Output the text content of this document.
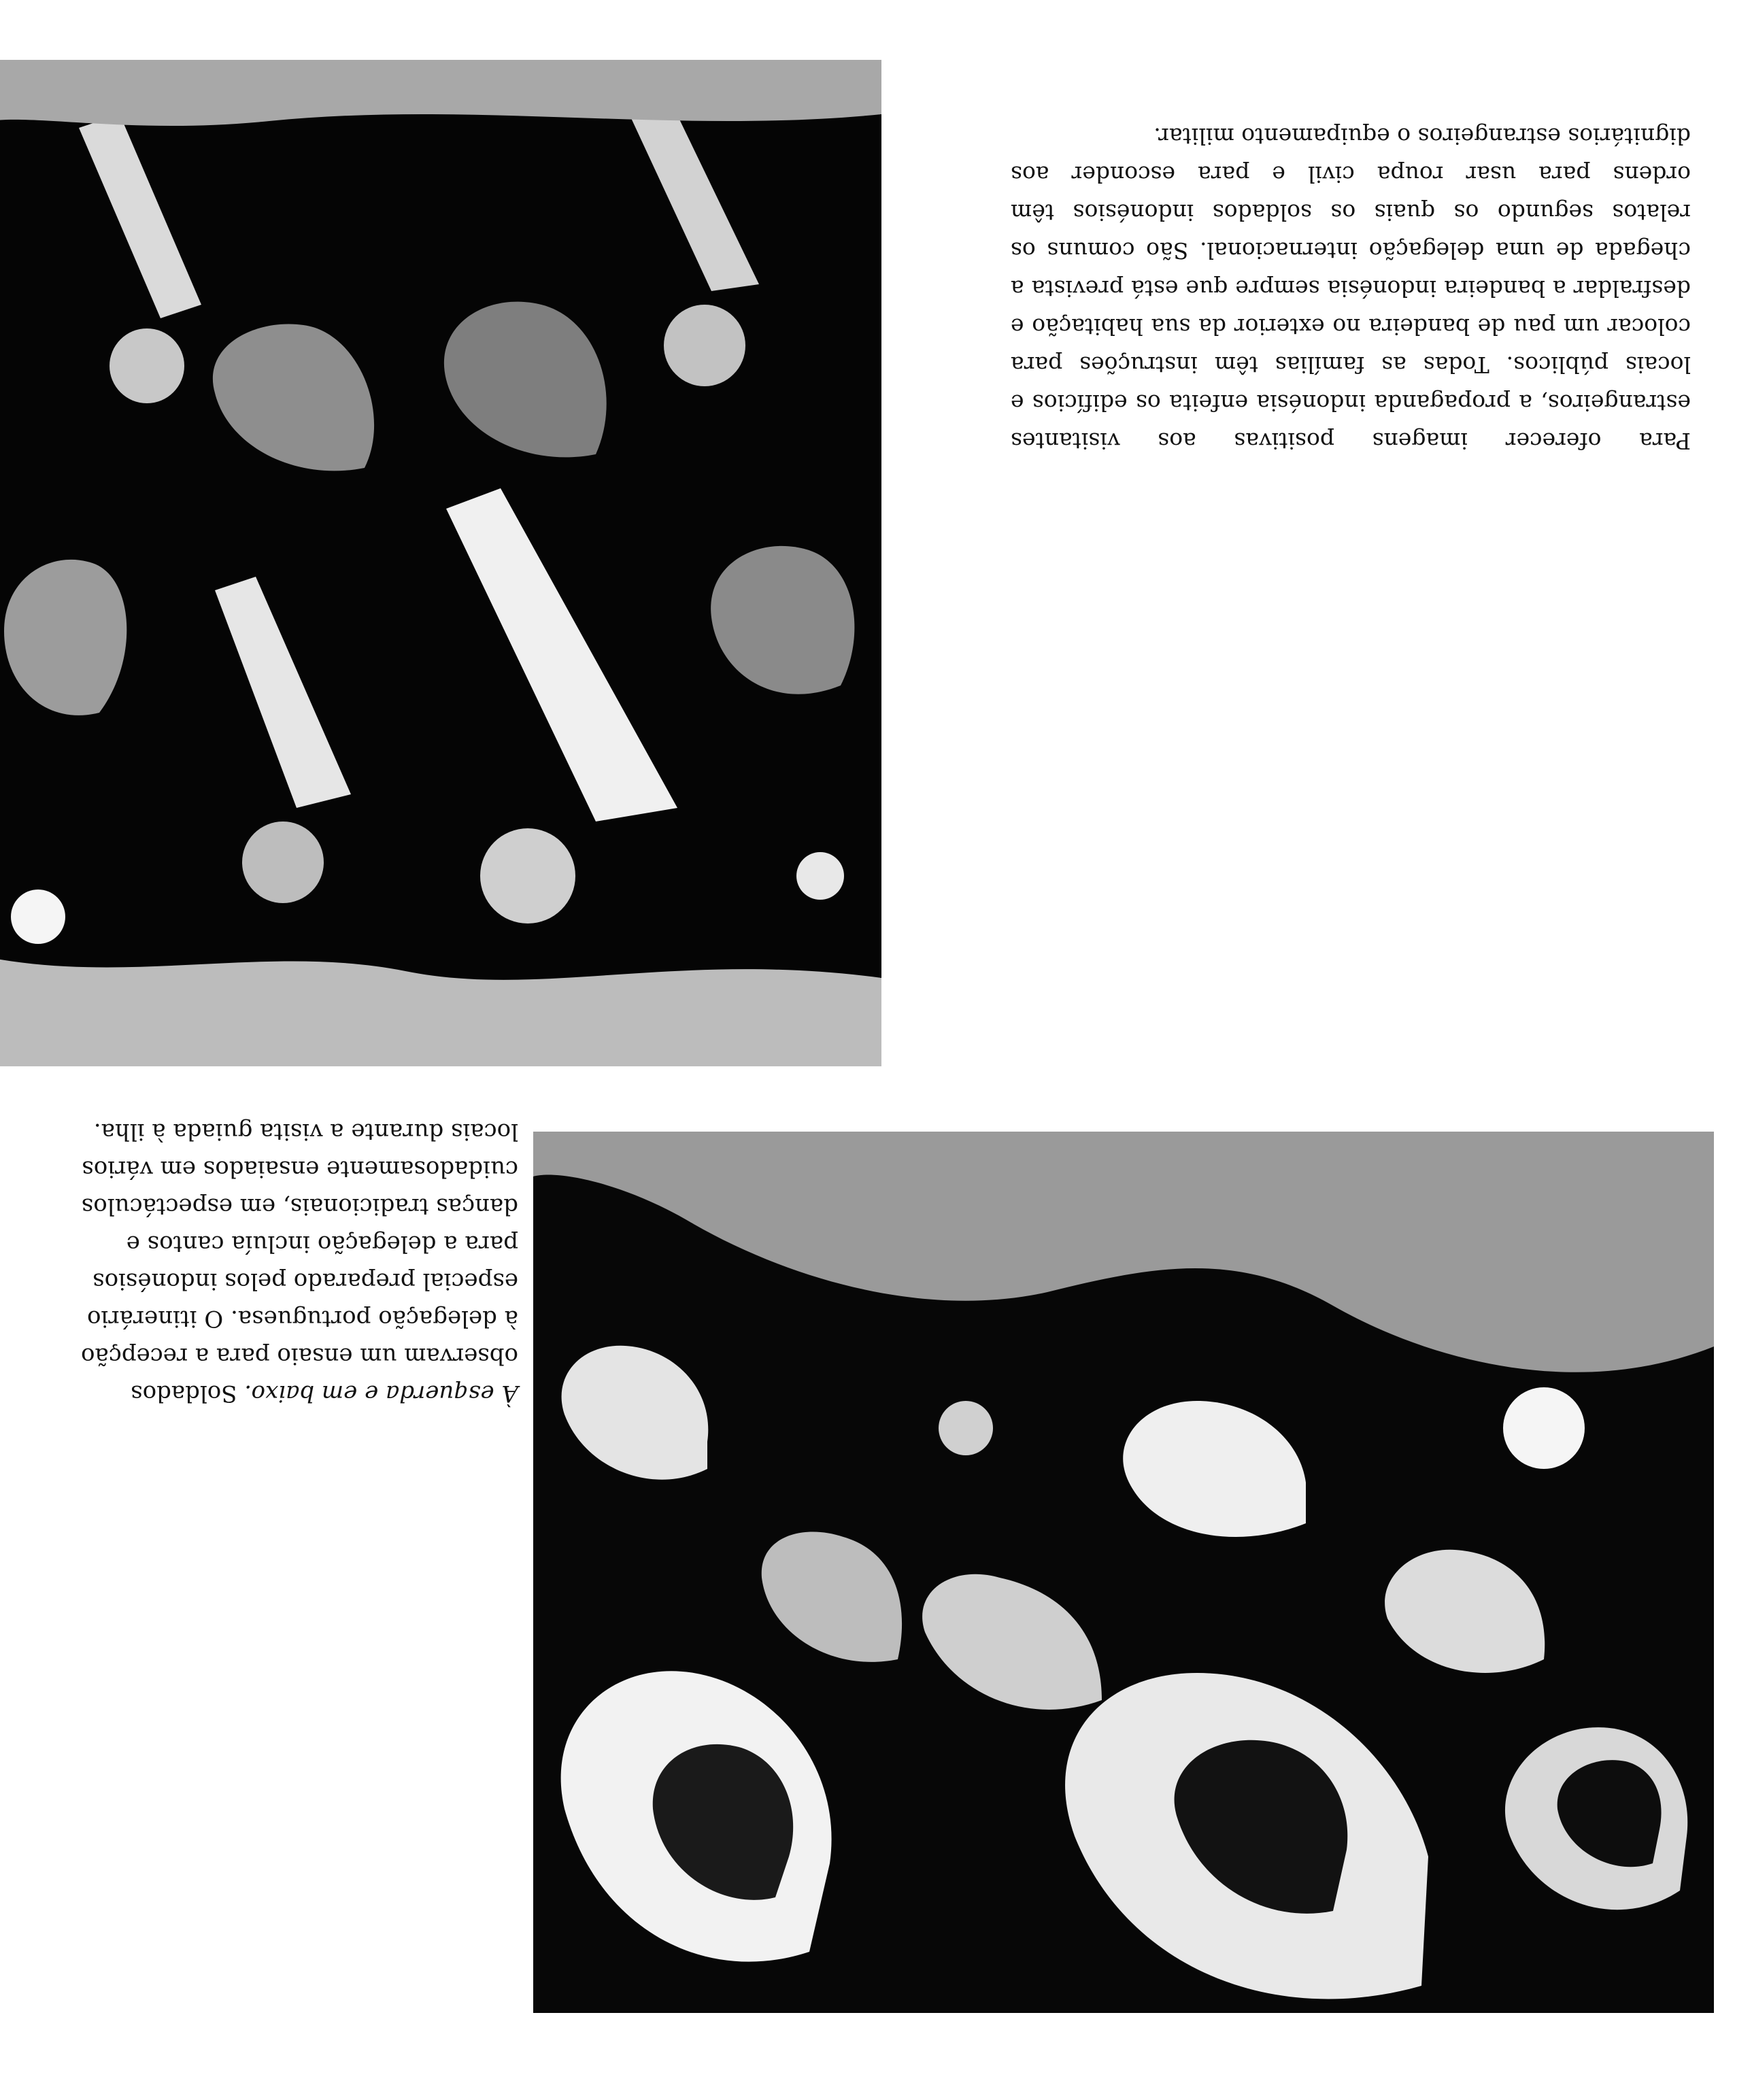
À esquerda e em baixo. Soldados observam um ensaio para a recepção à delegação portuguesa. O itinerário especial preparado pelos indonésios para a delegação incluía cantos e danças tradicionais, em espectáculos cuidadosamente ensaiados em vários locais durante a visita guiada à ilha.

Para oferecer imagens positivas aos visitantes estrangeiros, a propaganda indonésia enfeita os edifícios e locais públicos. Todas as famílias têm instruções para colocar um pau de bandeira no exterior da sua habitação e desfraldar a bandeira indonésia sempre que está prevista a chegada de uma delegação internacional. São comuns os relatos segundo os quais os soldados indonésios têm ordens para usar roupa civil e para esconder aos dignitários estrangeiros o equipamento militar.
